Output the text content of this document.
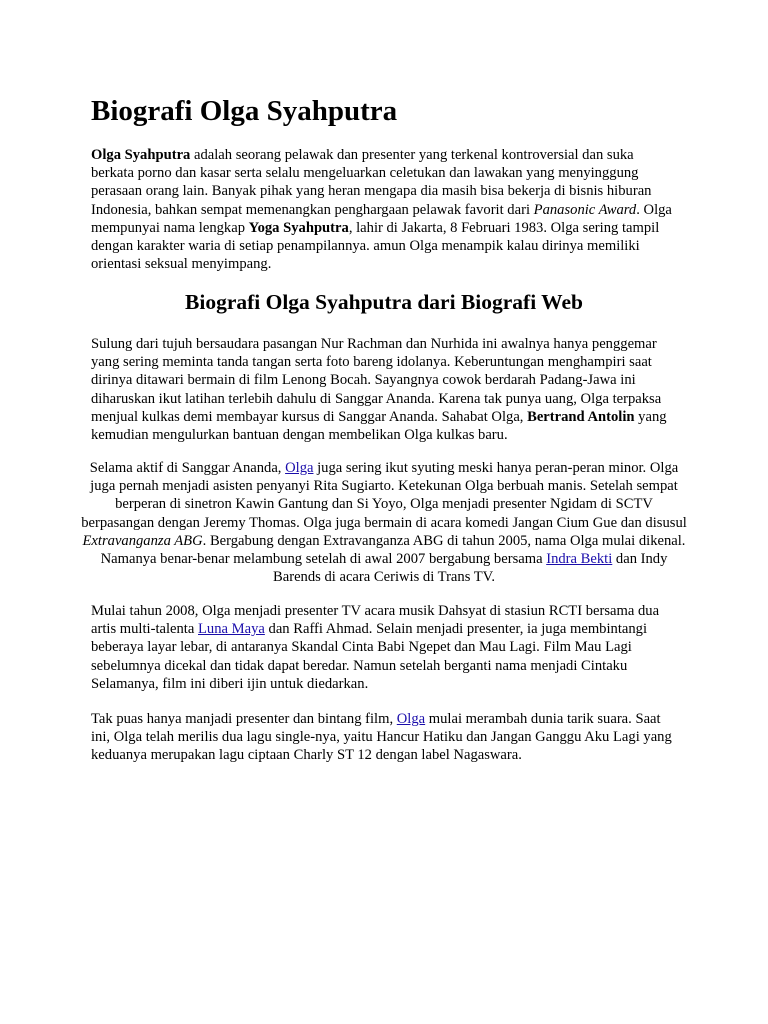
Biografi Olga Syahputra

Olga Syahputra adalah seorang pelawak dan presenter yang terkenal kontroversial dan suka berkata porno dan kasar serta selalu mengeluarkan celetukan dan lawakan yang menyinggung perasaan orang lain. Banyak pihak yang heran mengapa dia masih bisa bekerja di bisnis hiburan Indonesia, bahkan sempat memenangkan penghargaan pelawak favorit dari Panasonic Award. Olga mempunyai nama lengkap Yoga Syahputra, lahir di Jakarta, 8 Februari 1983. Olga sering tampil dengan karakter waria di setiap penampilannya. amun Olga menampik kalau dirinya memiliki orientasi seksual menyimpang.

Biografi Olga Syahputra dari Biografi Web

Sulung dari tujuh bersaudara pasangan Nur Rachman dan Nurhida ini awalnya hanya penggemar yang sering meminta tanda tangan serta foto bareng idolanya. Keberuntungan menghampiri saat dirinya ditawari bermain di film Lenong Bocah. Sayangnya cowok berdarah Padang-Jawa ini diharuskan ikut latihan terlebih dahulu di Sanggar Ananda. Karena tak punya uang, Olga terpaksa menjual kulkas demi membayar kursus di Sanggar Ananda. Sahabat Olga, Bertrand Antolin yang kemudian mengulurkan bantuan dengan membelikan Olga kulkas baru.

Selama aktif di Sanggar Ananda, Olga juga sering ikut syuting meski hanya peran-peran minor. Olga juga pernah menjadi asisten penyanyi Rita Sugiarto. Ketekunan Olga berbuah manis. Setelah sempat berperan di sinetron Kawin Gantung dan Si Yoyo, Olga menjadi presenter Ngidam di SCTV berpasangan dengan Jeremy Thomas. Olga juga bermain di acara komedi Jangan Cium Gue dan disusul Extravanganza ABG. Bergabung dengan Extravanganza ABG di tahun 2005, nama Olga mulai dikenal. Namanya benar-benar melambung setelah di awal 2007 bergabung bersama Indra Bekti dan Indy Barends di acara Ceriwis di Trans TV.

Mulai tahun 2008, Olga menjadi presenter TV acara musik Dahsyat di stasiun RCTI bersama dua artis multi-talenta Luna Maya dan Raffi Ahmad. Selain menjadi presenter, ia juga membintangi beberaya layar lebar, di antaranya Skandal Cinta Babi Ngepet dan Mau Lagi. Film Mau Lagi sebelumnya dicekal dan tidak dapat beredar. Namun setelah berganti nama menjadi Cintaku Selamanya, film ini diberi ijin untuk diedarkan.

Tak puas hanya manjadi presenter dan bintang film, Olga mulai merambah dunia tarik suara. Saat ini, Olga telah merilis dua lagu single-nya, yaitu Hancur Hatiku dan Jangan Ganggu Aku Lagi yang keduanya merupakan lagu ciptaan Charly ST 12 dengan label Nagaswara.
